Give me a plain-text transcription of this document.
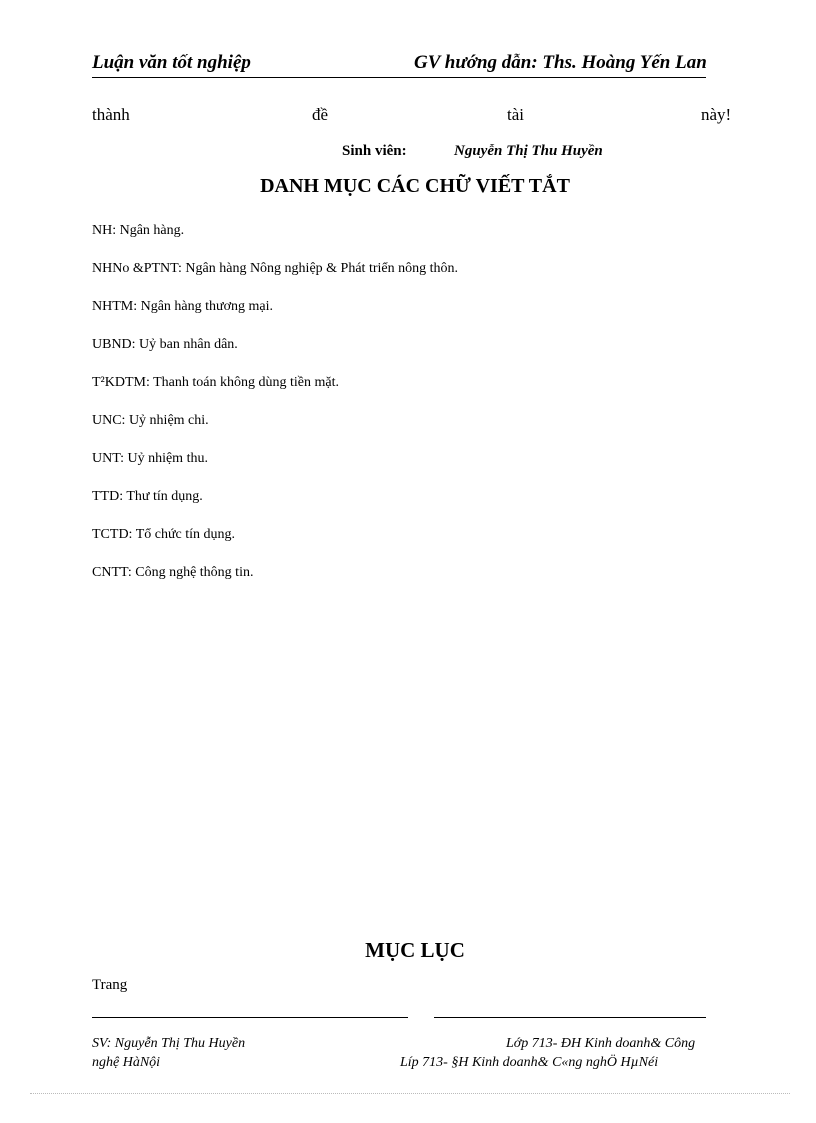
Luận văn tốt nghiệp	GV hướng dẫn: Ths. Hoàng Yến Lan
thành	đề	tài	này!
Sinh viên:	Nguyễn Thị Thu Huyền
DANH MỤC CÁC CHỮ VIẾT TẮT
NH: Ngân hàng.
NHNo &PTNT: Ngân hàng Nông nghiệp & Phát triển nông thôn.
NHTM: Ngân hàng thương mại.
UBND: Uỷ ban nhân dân.
T²KDTM: Thanh toán không dùng tiền mặt.
UNC: Uỷ nhiệm chi.
UNT: Uỷ nhiệm thu.
TTD: Thư tín dụng.
TCTD: Tổ chức tín dụng.
CNTT: Công nghệ thông tin.
MỤC LỤC
Trang
SV: Nguyễn Thị Thu Huyền	Lớp 713- ĐH Kinh doanh& Công
nghệ HàNội	Líp 713- §H Kinh doanh& C«ng nghÖ HµNéi
